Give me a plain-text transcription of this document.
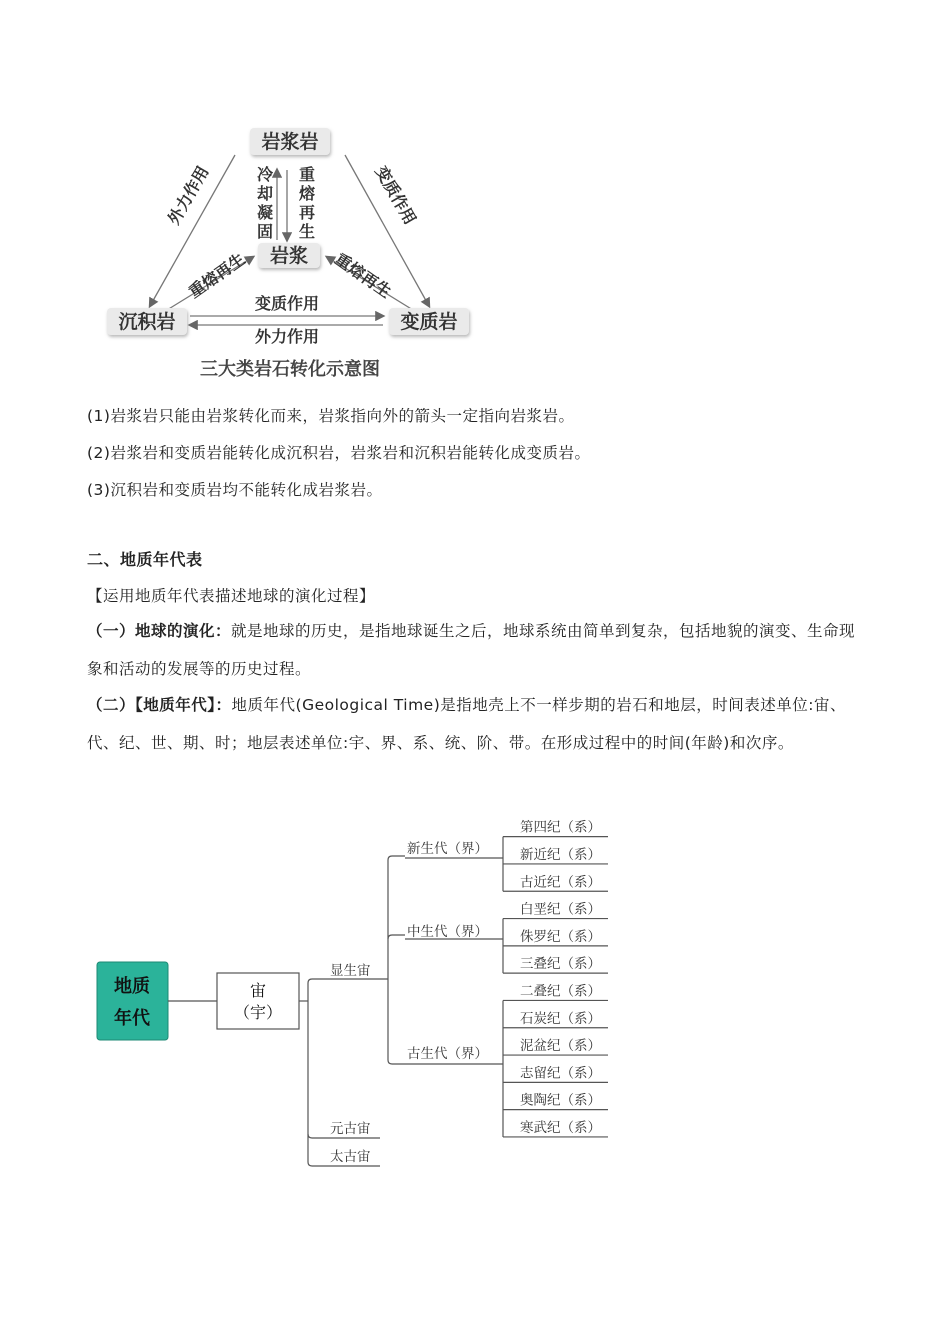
岩浆岩
岩浆
沉积岩	变质岩
外力作用	变质作用
冷
却
凝
固
重
熔
再
生
重熔再生	重熔再生
变质作用
外力作用
三大类岩石转化示意图
(1)岩浆岩只能由岩浆转化而来，岩浆指向外的箭头一定指向岩浆岩。
(2)岩浆岩和变质岩能转化成沉积岩，岩浆岩和沉积岩能转化成变质岩。
(3)沉积岩和变质岩均不能转化成岩浆岩。
二、地质年代表
【运用地质年代表描述地球的演化过程】
（一）地球的演化：就是地球的历史，是指地球诞生之后，地球系统由简单到复杂，包括地貌的演变、生命现象和活动的发展等的历史过程。
（二）【地质年代】：地质年代(Geological Time)是指地壳上不一样步期的岩石和地层，时间表述单位:宙、代、纪、世、期、时；地层表述单位:宇、界、系、统、阶、带。在形成过程中的时间(年龄)和次序。
地质
年代
宙
（宇）
显生宙
元古宙
太古宙
新生代（界）
中生代（界）
古生代（界）
第四纪（系）
新近纪（系）
古近纪（系）
白垩纪（系）
侏罗纪（系）
三叠纪（系）
二叠纪（系）
石炭纪（系）
泥盆纪（系）
志留纪（系）
奥陶纪（系）
寒武纪（系）
